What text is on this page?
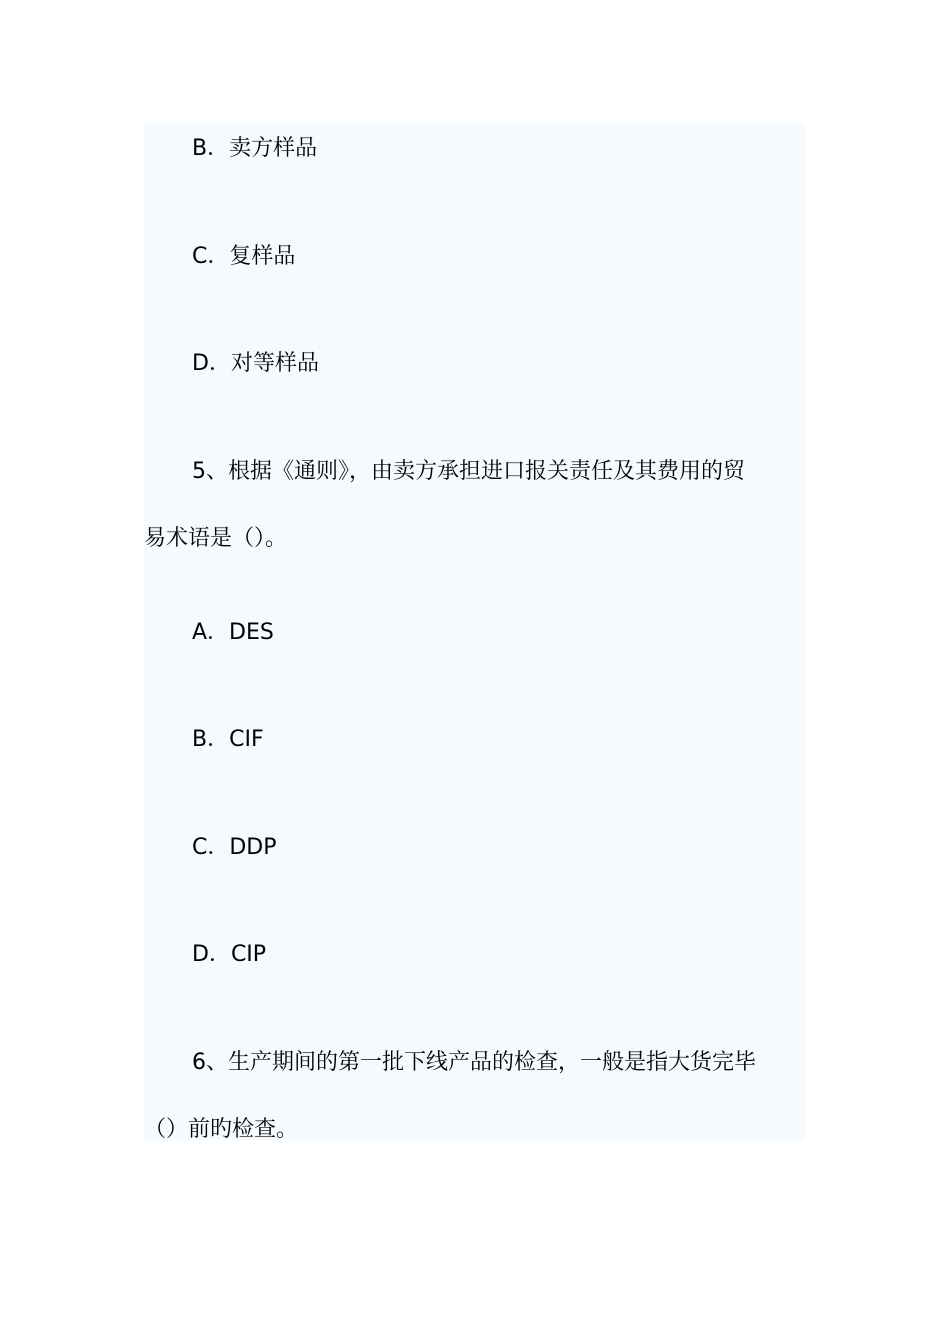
B．卖方样品
C．复样品
D．对等样品
5、根据《通则》，由卖方承担进口报关责任及其费用的贸
易术语是（）。
A．DES
B．CIF
C．DDP
D．CIP
6、生产期间的第一批下线产品的检查，一般是指大货完毕
（）前旳检查。
